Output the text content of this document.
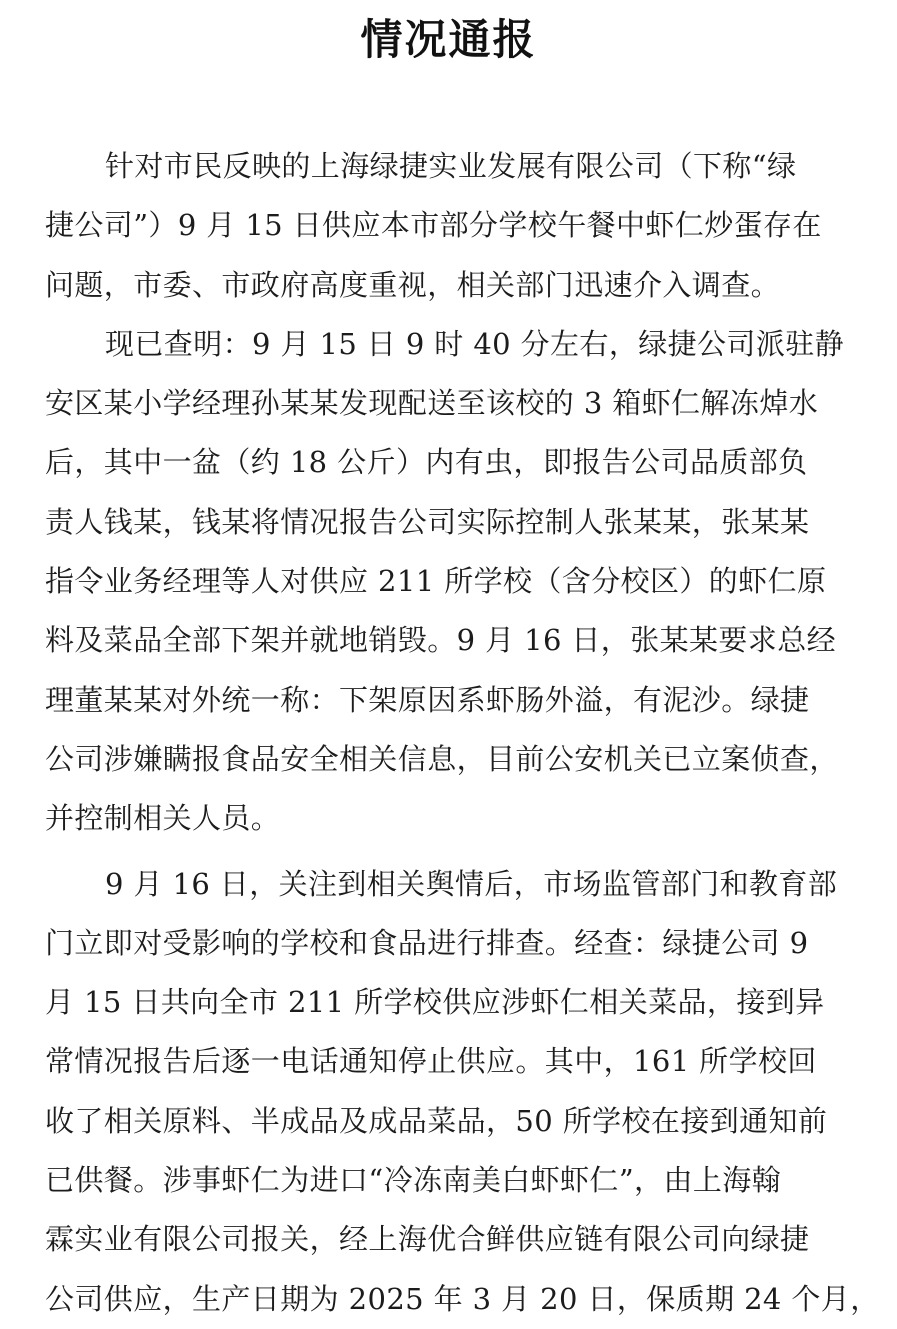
情况通报
针对市民反映的上海绿捷实业发展有限公司（下称“绿
捷公司”）9 月 15 日供应本市部分学校午餐中虾仁炒蛋存在
问题，市委、市政府高度重视，相关部门迅速介入调查。
现已查明：9 月 15 日 9 时 40 分左右，绿捷公司派驻静
安区某小学经理孙某某发现配送至该校的 3 箱虾仁解冻焯水
后，其中一盆（约 18 公斤）内有虫，即报告公司品质部负
责人钱某，钱某将情况报告公司实际控制人张某某，张某某
指令业务经理等人对供应 211 所学校（含分校区）的虾仁原
料及菜品全部下架并就地销毁。9 月 16 日，张某某要求总经
理董某某对外统一称：下架原因系虾肠外溢，有泥沙。绿捷
公司涉嫌瞒报食品安全相关信息，目前公安机关已立案侦查，
并控制相关人员。
9 月 16 日，关注到相关舆情后，市场监管部门和教育部
门立即对受影响的学校和食品进行排查。经查：绿捷公司 9
月 15 日共向全市 211 所学校供应涉虾仁相关菜品，接到异
常情况报告后逐一电话通知停止供应。其中，161 所学校回
收了相关原料、半成品及成品菜品，50 所学校在接到通知前
已供餐。涉事虾仁为进口“冷冻南美白虾虾仁”，由上海翰
霖实业有限公司报关，经上海优合鲜供应链有限公司向绿捷
公司供应，生产日期为 2025 年 3 月 20 日，保质期 24 个月，
